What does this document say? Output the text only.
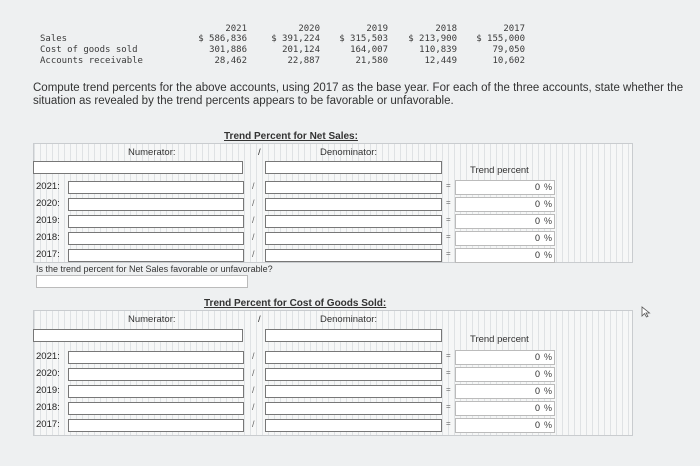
2021	2020	2019	2018	2017
Sales	$ 586,836	$ 391,224	$ 315,503	$ 213,900	$ 155,000
Cost of goods sold	301,886	201,124	164,007	110,839	79,050
Accounts receivable	28,462	22,887	21,580	12,449	10,602
Compute trend percents for the above accounts, using 2017 as the base year. For each of the three accounts, state whether the situation as revealed by the trend percents appears to be favorable or unfavorable.
Trend Percent for Net Sales:
Numerator:	/	Denominator:
Trend percent
2021:	/	=	0 %
2020:	/	=	0 %
2019:	/	=	0 %
2018:	/	=	0 %
2017:	/	=	0 %
Is the trend percent for Net Sales favorable or unfavorable?
Trend Percent for Cost of Goods Sold:
Numerator:	/	Denominator:
Trend percent
2021:	/	=	0 %
2020:	/	=	0 %
2019:	/	=	0 %
2018:	/	=	0 %
2017:	/	=	0 %
